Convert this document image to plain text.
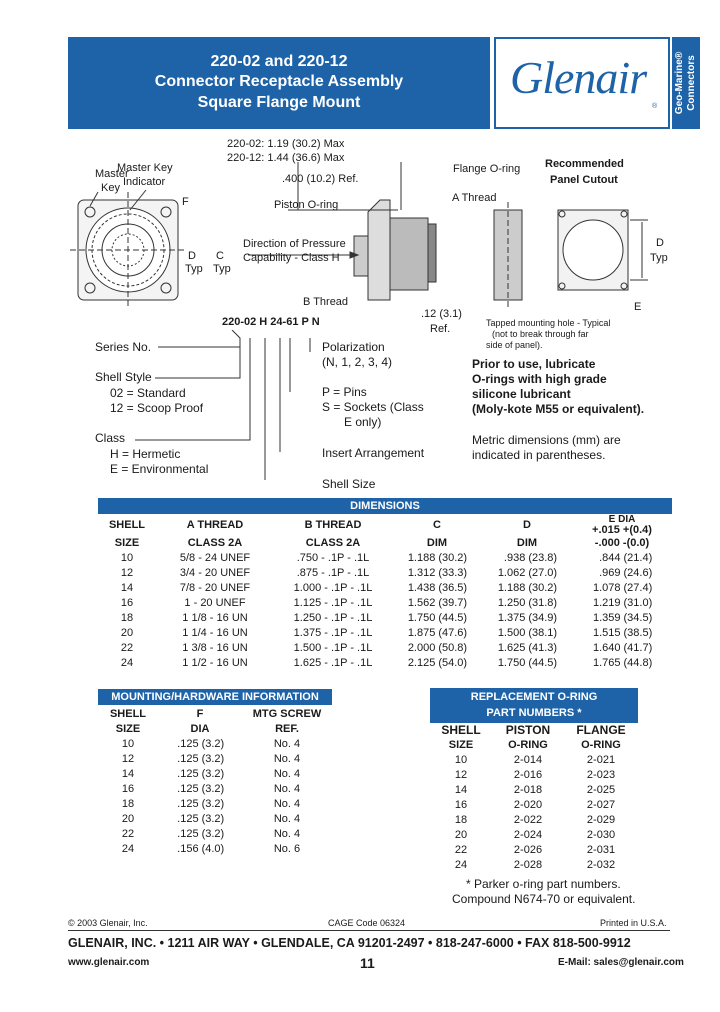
220-02 and 220-12
Connector Receptacle Assembly
Square Flange Mount	Glenair
® Geo-Marine® Connectors
220-02: 1.19 (30.2) Max
220-12: 1.44 (36.6) Max
.400 (10.2) Ref.
Master
Key
Master Key
Indicator
F
D
Typ
C
Typ
Flange O-ring
Piston O-ring
A Thread
Direction of Pressure
Capability - Class H
B Thread
.12 (3.1)
Ref.
Recommended
Panel Cutout
D
Typ
E
Tapped mounting hole - Typical
(not to break through far
side of panel).
220-02 H 24-61 P N
Series No.
Shell Style
02 = Standard
12 = Scoop Proof
Class
H = Hermetic
E = Environmental
Polarization
(N, 1, 2, 3, 4)
P = Pins
S = Sockets (Class
E only)
Insert Arrangement
Shell Size
Prior to use, lubricate
O-rings with high grade
silicone lubricant
(Moly-kote M55 or equivalent).
Metric dimensions (mm) are
indicated in parentheses.
DIMENSIONS
SHELL	A THREAD	B THREAD	C		D		E DIA
+.015 +(0.4)	

SIZE	CLASS 2A	CLASS 2A	DIM		DIM		-.000 -(0.0)	
10	5/8 - 24 UNEF	.750 - .1P - .1L	1.188	(30.2)	.938	(23.8)	.844	(21.4)
12	3/4 - 20 UNEF	.875 - .1P - .1L	1.312	(33.3)	1.062	(27.0)	.969	(24.6)
14	7/8 - 20 UNEF	1.000 - .1P - .1L	1.438	(36.5)	1.188	(30.2)	1.078	(27.4)
16	1 - 20 UNEF	1.125 - .1P - .1L	1.562	(39.7)	1.250	(31.8)	1.219	(31.0)
18	1 1/8 - 16 UN	1.250 - .1P - .1L	1.750	(44.5)	1.375	(34.9)	1.359	(34.5)
20	1 1/4 - 16 UN	1.375 - .1P - .1L	1.875	(47.6)	1.500	(38.1)	1.515	(38.5)
22	1 3/8 - 16 UN	1.500 - .1P - .1L	2.000	(50.8)	1.625	(41.3)	1.640	(41.7)
24	1 1/2 - 16 UN	1.625 - .1P - .1L	2.125	(54.0)	1.750	(44.5)	1.765	(44.8)
MOUNTING/HARDWARE INFORMATION
SHELL	F		MTG SCREW
SIZE	DIA		REF.
10	.125	(3.2)	No. 4
12	.125	(3.2)	No. 4
14	.125	(3.2)	No. 4
16	.125	(3.2)	No. 4
18	.125	(3.2)	No. 4
20	.125	(3.2)	No. 4
22	.125	(3.2)	No. 4
24	.156	(4.0)	No. 6
REPLACEMENT O-RING
PART NUMBERS *
SHELL	PISTON	FLANGE
SIZE	O-RING	O-RING
10	2-014	2-021
12	2-016	2-023
14	2-018	2-025
16	2-020	2-027
18	2-022	2-029
20	2-024	2-030
22	2-026	2-031
24	2-028	2-032
* Parker o-ring part numbers.
Compound N674-70 or equivalent.
© 2003 Glenair, Inc.	CAGE Code 06324	Printed in U.S.A.
GLENAIR, INC. • 1211 AIR WAY • GLENDALE, CA 91201-2497 • 818-247-6000 • FAX 818-500-9912
www.glenair.com	11	E-Mail: sales@glenair.com
